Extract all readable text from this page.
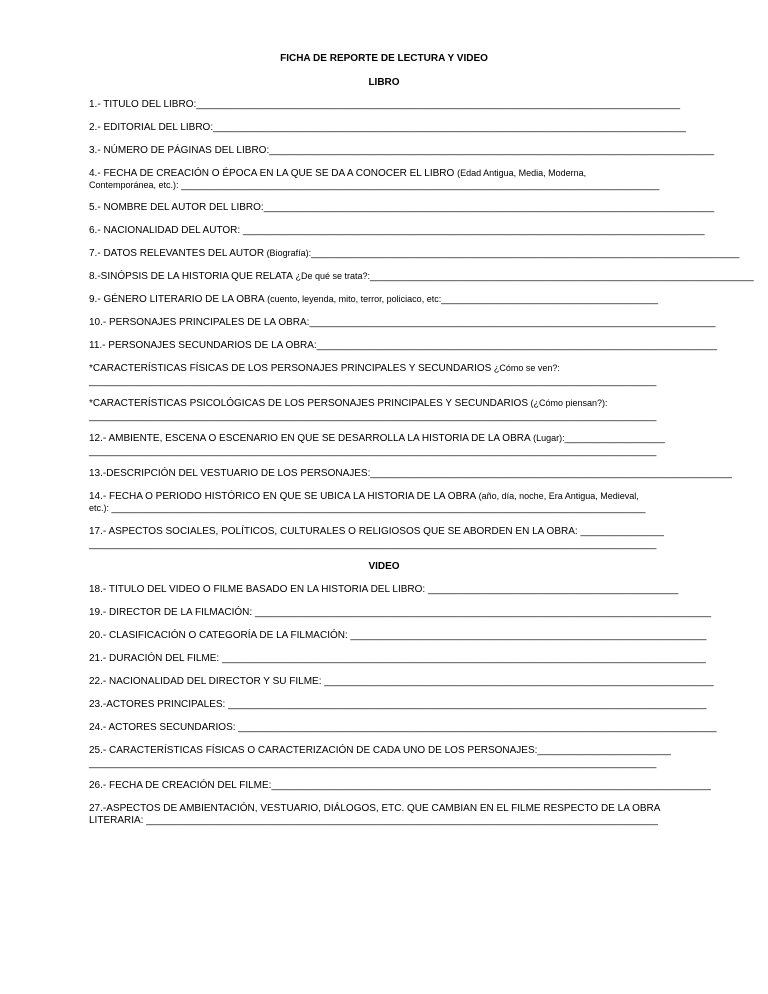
FICHA DE REPORTE DE LECTURA Y VIDEO
LIBRO
1.- TITULO DEL LIBRO:_______________________________________________________________________________________
2.- EDITORIAL DEL LIBRO:_____________________________________________________________________________________
3.- NÚMERO DE PÁGINAS DEL LIBRO:________________________________________________________________________________
4.- FECHA DE CREACIÓN O ÉPOCA EN LA QUE SE DA A CONOCER EL LIBRO (Edad Antigua, Media, Moderna,
Contemporánea, etc.): ______________________________________________________________________________________
5.- NOMBRE DEL AUTOR DEL LIBRO:_________________________________________________________________________________
6.- NACIONALIDAD DEL AUTOR: ___________________________________________________________________________________
7.- DATOS RELEVANTES DEL AUTOR (Biografía):_____________________________________________________________________________
8.-SINÓPSIS DE LA HISTORIA QUE RELATA ¿De qué se trata?:_____________________________________________________________________
9.- GÉNERO LITERARIO DE LA OBRA (cuento, leyenda, mito, terror, policiaco, etc:_______________________________________
10.- PERSONAJES PRINCIPALES DE LA OBRA:_________________________________________________________________________
11.- PERSONAJES SECUNDARIOS DE LA OBRA:________________________________________________________________________
*CARACTERÍSTICAS FÍSICAS DE LOS PERSONAJES PRINCIPALES Y SECUNDARIOS ¿Cómo se ven?:
______________________________________________________________________________________________________
*CARACTERÍSTICAS PSICOLÓGICAS DE LOS PERSONAJES PRINCIPALES Y SECUNDARIOS (¿Cómo piensan?):
______________________________________________________________________________________________________
12.- AMBIENTE, ESCENA O ESCENARIO EN QUE SE DESARROLLA LA HISTORIA DE LA OBRA (Lugar):__________________
______________________________________________________________________________________________________
13.-DESCRIPCIÓN DEL VESTUARIO DE LOS PERSONAJES:_________________________________________________________________
14.- FECHA O PERIODO HISTÓRICO EN QUE SE UBICA LA HISTORIA DE LA OBRA (año, día, noche, Era Antigua, Medieval,
etc.): ________________________________________________________________________________________________
17.- ASPECTOS SOCIALES, POLÍTICOS, CULTURALES O RELIGIOSOS QUE SE ABORDEN EN LA OBRA: _______________
______________________________________________________________________________________________________
VIDEO
18.- TITULO DEL VIDEO O FILME BASADO EN LA HISTORIA DEL LIBRO: _____________________________________________
19.- DIRECTOR DE LA FILMACIÓN: __________________________________________________________________________________
20.- CLASIFICACIÓN O CATEGORÍA DE LA FILMACIÓN: ________________________________________________________________
21.- DURACIÓN DEL FILME: _______________________________________________________________________________________
22.- NACIONALIDAD DEL DIRECTOR Y SU FILME: ______________________________________________________________________
23.-ACTORES PRINCIPALES: ______________________________________________________________________________________
24.- ACTORES SECUNDARIOS: ______________________________________________________________________________________
25.- CARACTERÍSTICAS FÍSICAS O CARACTERIZACIÓN DE CADA UNO DE LOS PERSONAJES:________________________
______________________________________________________________________________________________________
26.- FECHA DE CREACIÓN DEL FILME:_______________________________________________________________________________
27.-ASPECTOS DE AMBIENTACIÓN, VESTUARIO, DIÁLOGOS, ETC. QUE CAMBIAN EN EL FILME RESPECTO DE LA OBRA
LITERARIA: ____________________________________________________________________________________________
